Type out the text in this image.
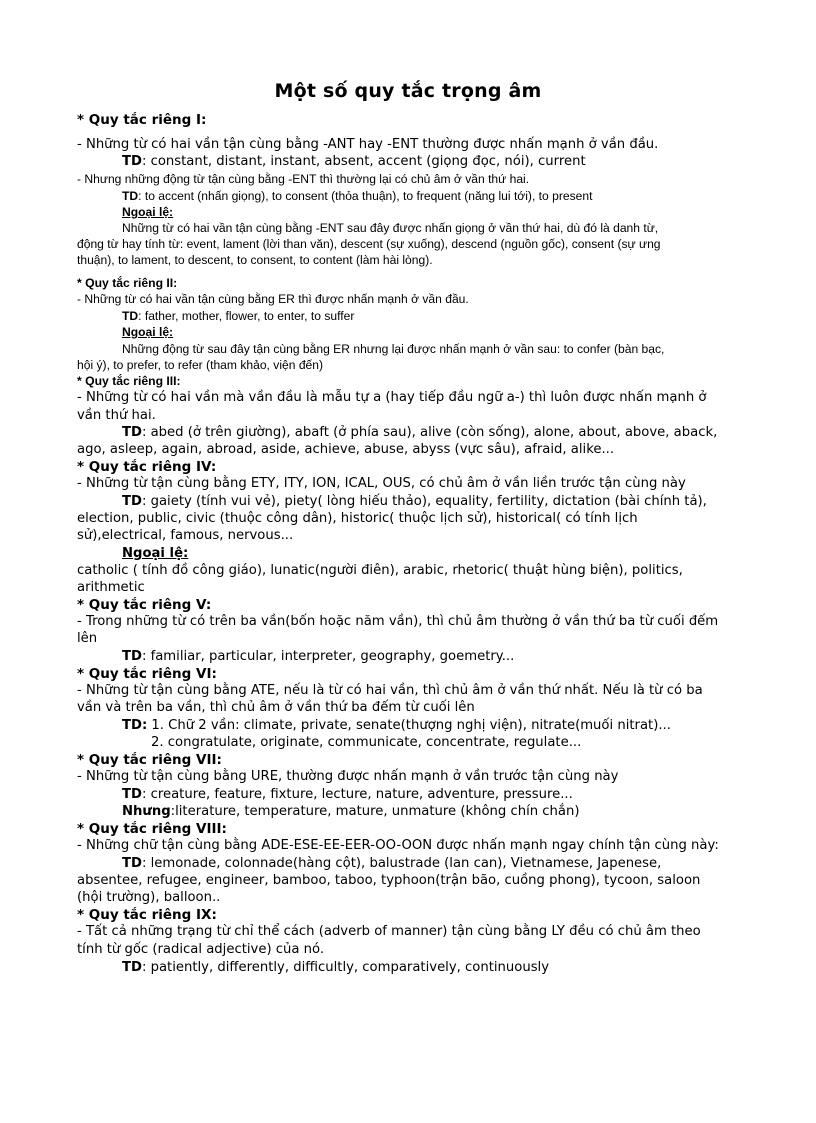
Một số quy tắc trọng âm
* Quy tắc riêng I:
- Những từ có hai vần tận cùng bằng -ANT hay -ENT thường được nhấn mạnh ở vần đầu.
TD: constant, distant, instant, absent, accent (giọng đọc, nói), current
- Nhưng những động từ tận cùng bằng -ENT thì thường lại có chủ âm ở vần thứ hai.
TD: to accent (nhấn giọng), to consent (thỏa thuận), to frequent (năng lui tới), to present
Ngoại lệ:
Những từ có hai vần tận cùng bằng -ENT sau đây được nhấn giọng ở vần thứ hai, dù đó là danh từ,
động từ hay tính từ: event, lament (lời than văn), descent (sự xuống), descend (nguồn gốc), consent (sự ưng
thuận), to lament, to descent, to consent, to content (làm hài lòng).
* Quy tắc riêng II:
- Những từ có hai vần tận cùng bằng ER thì được nhấn mạnh ở vần đầu.
TD: father, mother, flower, to enter, to suffer
Ngoại lệ:
Những động từ sau đây tận cùng bằng ER nhưng lại được nhấn mạnh ở vần sau: to confer (bàn bạc,
hội ý), to prefer, to refer (tham khảo, viện đến)
* Quy tắc riêng III:
- Những từ có hai vần mà vần đầu là mẫu tự a (hay tiếp đầu ngữ a-) thì luôn được nhấn mạnh ở
vần thứ hai.
TD: abed (ở trên giường), abaft (ở phía sau), alive (còn sống), alone, about, above, aback,
ago, asleep, again, abroad, aside, achieve, abuse, abyss (vực sâu), afraid, alike...
* Quy tắc riêng IV:
- Những từ tận cùng bằng ETY, ITY, ION, ICAL, OUS, có chủ âm ở vần liền trước tận cùng này
TD: gaiety (tính vui vẻ), piety( lòng hiếu thảo), equality, fertility, dictation (bài chính tả),
election, public, civic (thuộc công dân), historic( thuộc lịch sử), historical( có tính lịch
sử),electrical, famous, nervous...
Ngoại lệ:
catholic ( tính đồ công giáo), lunatic(người điên), arabic, rhetoric( thuật hùng biện), politics,
arithmetic
* Quy tắc riêng V:
- Trong những từ có trên ba vần(bốn hoặc năm vần), thì chủ âm thường ở vần thứ ba từ cuối đếm
lên
TD: familiar, particular, interpreter, geography, goemetry...
* Quy tắc riêng VI:
- Những từ tận cùng bằng ATE, nếu là từ có hai vần, thì chủ âm ở vần thứ nhất. Nếu là từ có ba
vần và trên ba vần, thì chủ âm ở vần thứ ba đếm từ cuối lên
TD: 1. Chữ 2 vần: climate, private, senate(thượng nghị viện), nitrate(muối nitrat)...
2. congratulate, originate, communicate, concentrate, regulate...
* Quy tắc riêng VII:
- Những từ tận cùng bằng URE, thường được nhấn mạnh ở vần trước tận cùng này
TD: creature, feature, fixture, lecture, nature, adventure, pressure...
Nhưng:literature, temperature, mature, unmature (không chín chắn)
* Quy tắc riêng VIII:
- Những chữ tận cùng bằng ADE-ESE-EE-EER-OO-OON được nhấn mạnh ngay chính tận cùng này:
TD: lemonade, colonnade(hàng cột), balustrade (lan can), Vietnamese, Japenese,
absentee, refugee, engineer, bamboo, taboo, typhoon(trận bão, cuồng phong), tycoon, saloon
(hội trường), balloon..
* Quy tắc riêng IX:
- Tất cả những trạng từ chỉ thể cách (adverb of manner) tận cùng bằng LY đều có chủ âm theo
tính từ gốc (radical adjective) của nó.
TD: patiently, differently, difficultly, comparatively, continuously
